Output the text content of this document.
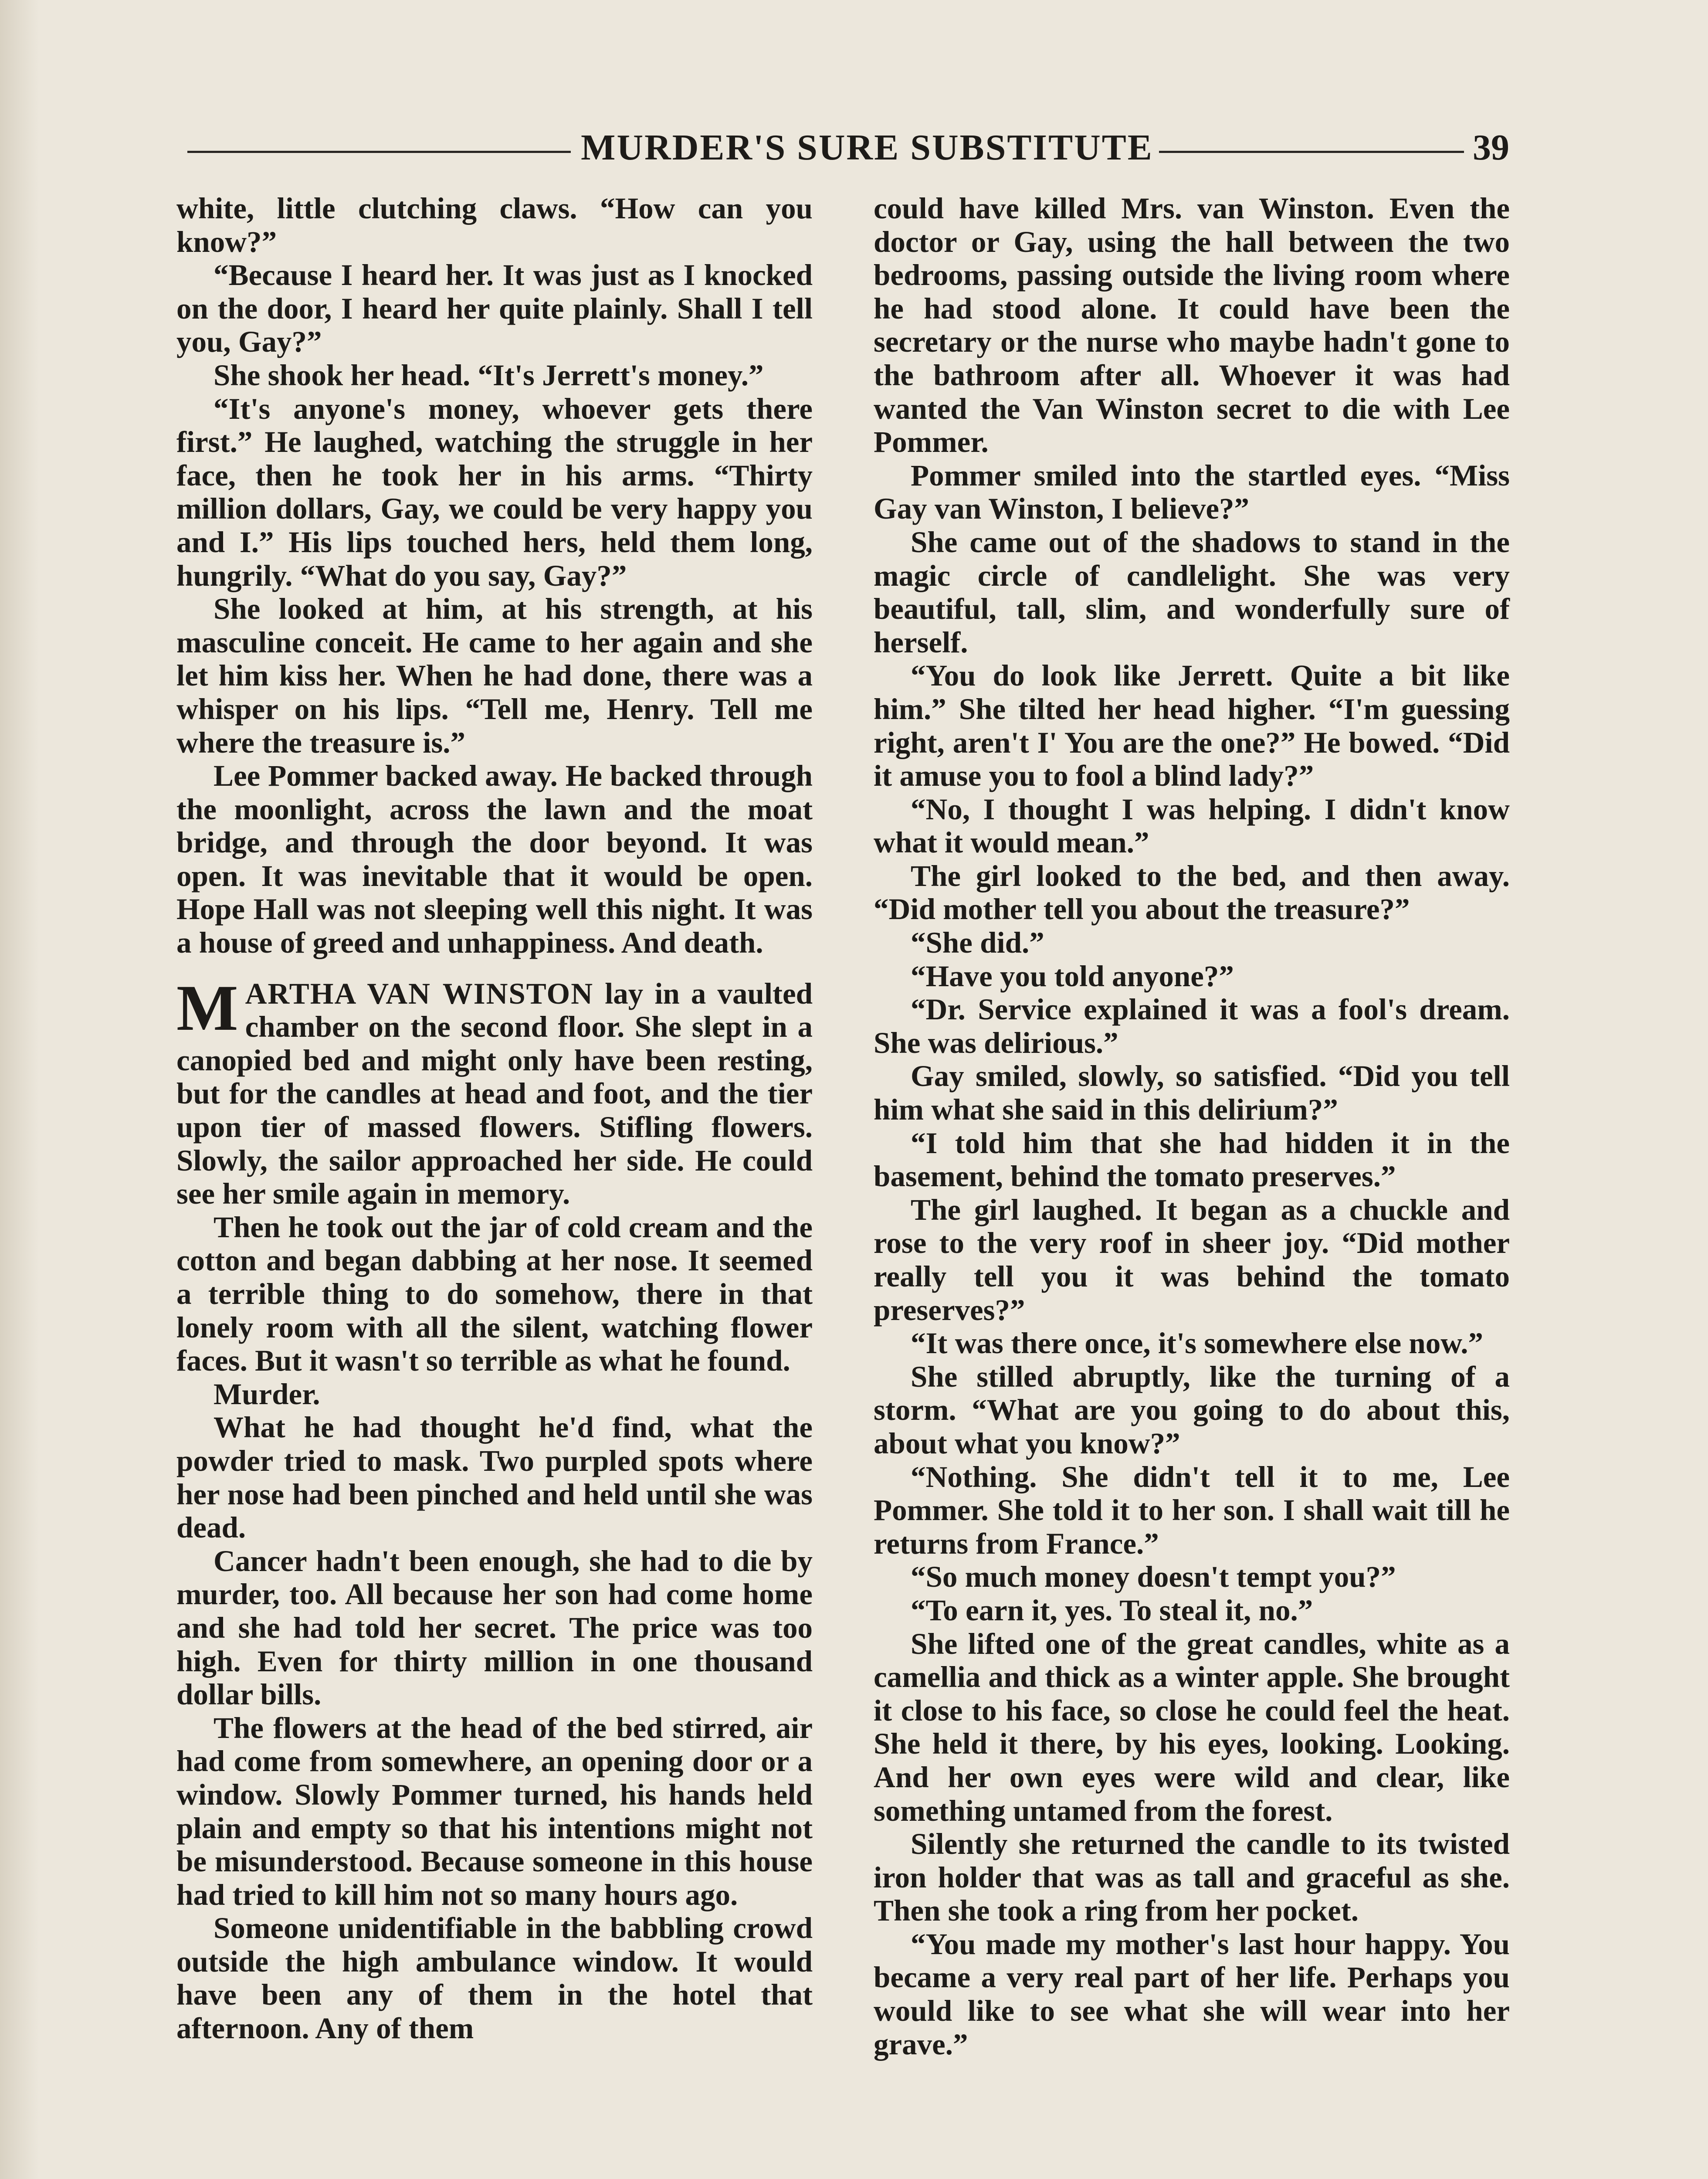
MURDER'S SURE SUBSTITUTE	39

white, little clutching claws. “How can you know?”

“Because I heard her. It was just as I knocked on the door, I heard her quite plainly. Shall I tell you, Gay?”

She shook her head. “It's Jerrett's money.”

“It's anyone's money, whoever gets there first.” He laughed, watching the struggle in her face, then he took her in his arms. “Thirty million dollars, Gay, we could be very happy you and I.” His lips touched hers, held them long, hungrily. “What do you say, Gay?”

She looked at him, at his strength, at his masculine conceit. He came to her again and she let him kiss her. When he had done, there was a whisper on his lips. “Tell me, Henry. Tell me where the treasure is.”

Lee Pommer backed away. He backed through the moonlight, across the lawn and the moat bridge, and through the door beyond. It was open. It was inevitable that it would be open. Hope Hall was not sleeping well this night. It was a house of greed and unhappiness. And death.

MARTHA VAN WINSTON lay in a vaulted chamber on the second floor. She slept in a canopied bed and might only have been resting, but for the candles at head and foot, and the tier upon tier of massed flowers. Stifling flowers. Slowly, the sailor approached her side. He could see her smile again in memory.

Then he took out the jar of cold cream and the cotton and began dabbing at her nose. It seemed a terrible thing to do somehow, there in that lonely room with all the silent, watching flower faces. But it wasn't so terrible as what he found.

Murder.

What he had thought he'd find, what the powder tried to mask. Two purpled spots where her nose had been pinched and held until she was dead.

Cancer hadn't been enough, she had to die by murder, too. All because her son had come home and she had told her secret. The price was too high. Even for thirty million in one thousand dollar bills.

The flowers at the head of the bed stirred, air had come from somewhere, an opening door or a window. Slowly Pommer turned, his hands held plain and empty so that his intentions might not be misunderstood. Because someone in this house had tried to kill him not so many hours ago.

Someone unidentifiable in the babbling crowd outside the high ambulance window. It would have been any of them in the hotel that afternoon. Any of them

could have killed Mrs. van Winston. Even the doctor or Gay, using the hall between the two bedrooms, passing outside the living room where he had stood alone. It could have been the secretary or the nurse who maybe hadn't gone to the bathroom after all. Whoever it was had wanted the Van Winston secret to die with Lee Pommer.

Pommer smiled into the startled eyes. “Miss Gay van Winston, I believe?”

She came out of the shadows to stand in the magic circle of candlelight. She was very beautiful, tall, slim, and wonderfully sure of herself.

“You do look like Jerrett. Quite a bit like him.” She tilted her head higher. “I'm guessing right, aren't I' You are the one?” He bowed. “Did it amuse you to fool a blind lady?”

“No, I thought I was helping. I didn't know what it would mean.”

The girl looked to the bed, and then away. “Did mother tell you about the treasure?”

“She did.”

“Have you told anyone?”

“Dr. Service explained it was a fool's dream. She was delirious.”

Gay smiled, slowly, so satisfied. “Did you tell him what she said in this delirium?”

“I told him that she had hidden it in the basement, behind the tomato preserves.”

The girl laughed. It began as a chuckle and rose to the very roof in sheer joy. “Did mother really tell you it was behind the tomato preserves?”

“It was there once, it's somewhere else now.”

She stilled abruptly, like the turning of a storm. “What are you going to do about this, about what you know?”

“Nothing. She didn't tell it to me, Lee Pommer. She told it to her son. I shall wait till he returns from France.”

“So much money doesn't tempt you?”

“To earn it, yes. To steal it, no.”

She lifted one of the great candles, white as a camellia and thick as a winter apple. She brought it close to his face, so close he could feel the heat. She held it there, by his eyes, looking. Looking. And her own eyes were wild and clear, like something untamed from the forest.

Silently she returned the candle to its twisted iron holder that was as tall and graceful as she. Then she took a ring from her pocket.

“You made my mother's last hour happy. You became a very real part of her life. Perhaps you would like to see what she will wear into her grave.”
